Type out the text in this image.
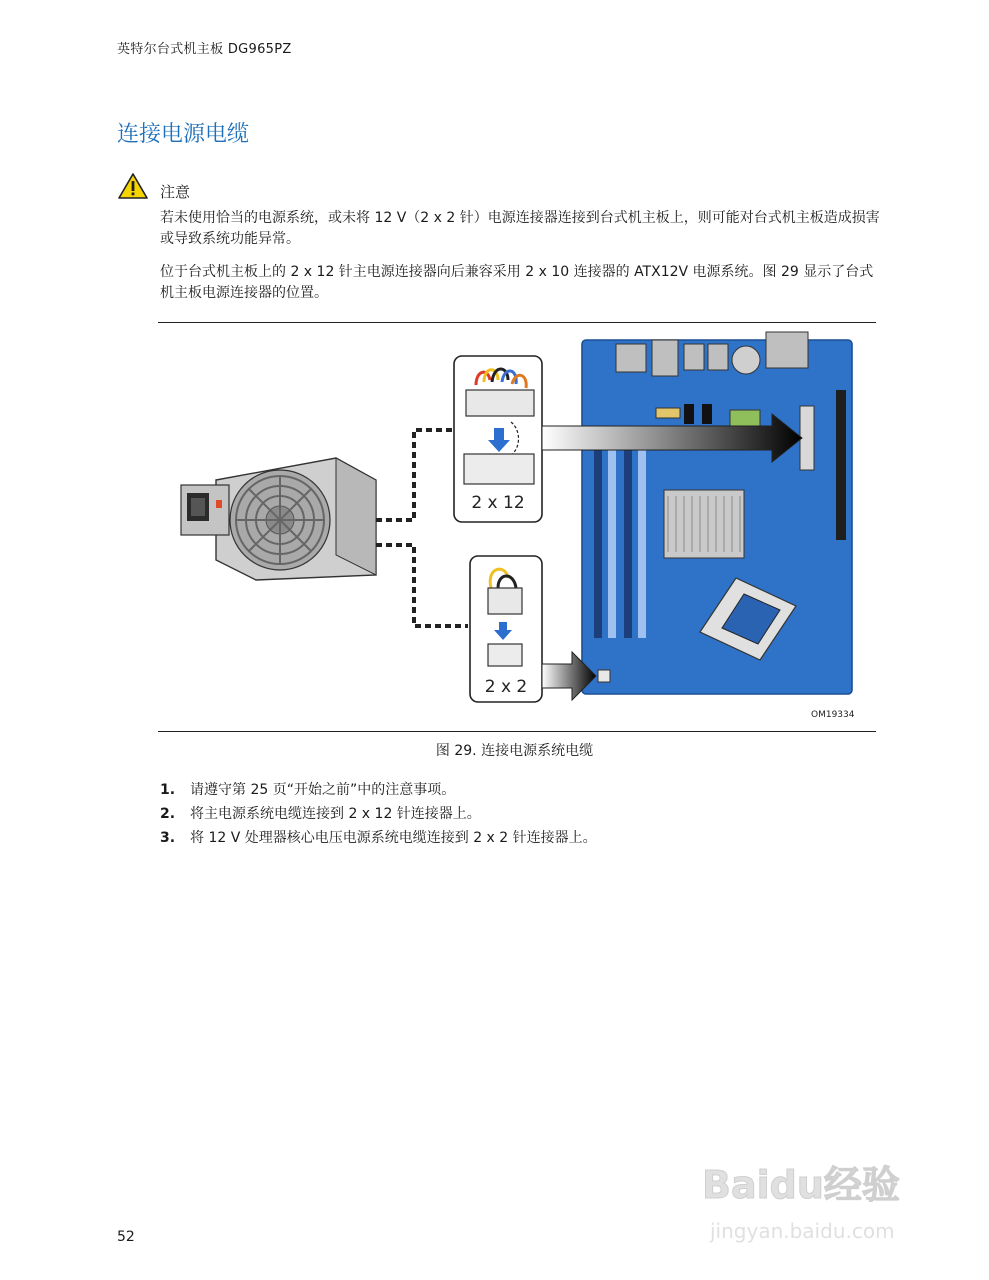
英特尔台式机主板 DG965PZ
连接电源电缆
注意
若未使用恰当的电源系统，或未将 12 V（2 x 2 针）电源连接器连接到台式机主板上，则可能对台式机主板造成损害或导致系统功能异常。
位于台式机主板上的 2 x 12 针主电源连接器向后兼容采用 2 x 10 连接器的 ATX12V 电源系统。图 29 显示了台式机主板电源连接器的位置。
2 x 12
2 x 2
OM19334
图 29. 连接电源系统电缆
1. 请遵守第 25 页“开始之前”中的注意事项。
2. 将主电源系统电缆连接到 2 x 12 针连接器上。
3. 将 12 V 处理器核心电压电源系统电缆连接到 2 x 2 针连接器上。
Baidu经验
jingyan.baidu.com
52
